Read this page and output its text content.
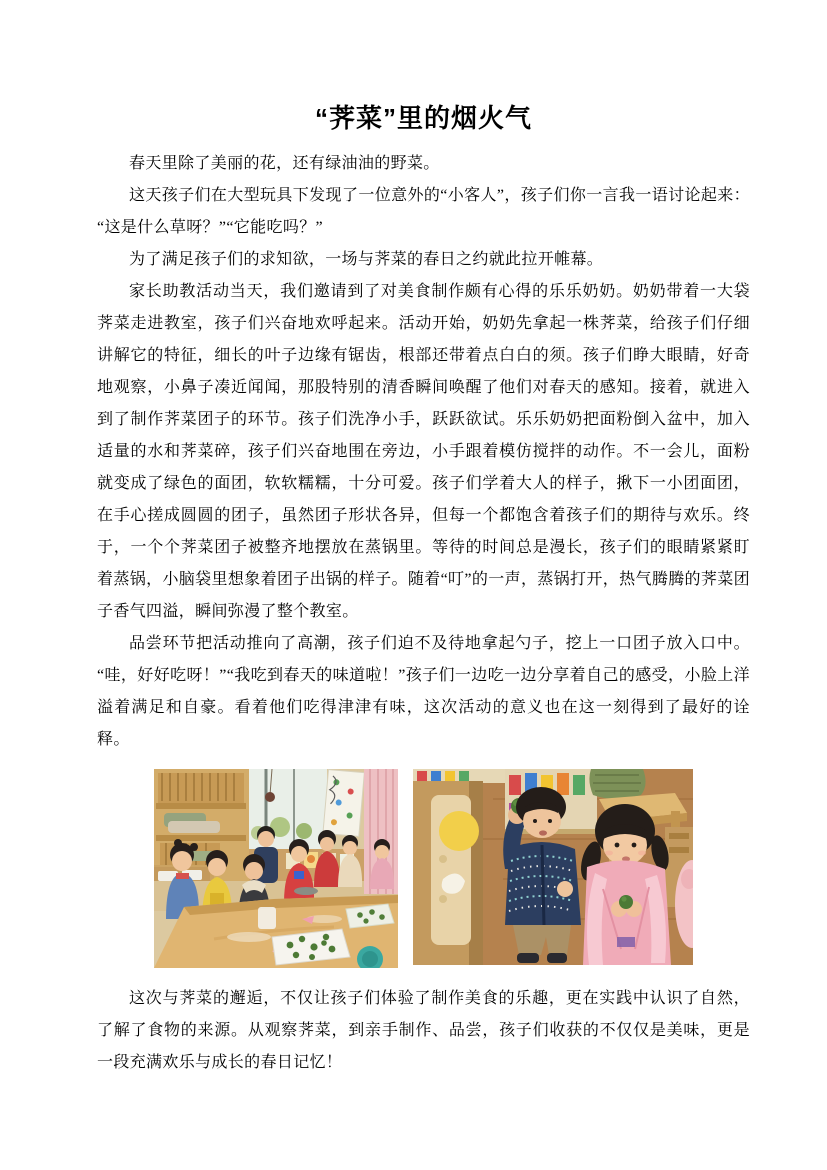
“荠菜”里的烟火气

春天里除了美丽的花，还有绿油油的野菜。

这天孩子们在大型玩具下发现了一位意外的“小客人”，孩子们你一言我一语讨论起来：“这是什么草呀？”“它能吃吗？”

为了满足孩子们的求知欲，一场与荠菜的春日之约就此拉开帷幕。

家长助教活动当天，我们邀请到了对美食制作颇有心得的乐乐奶奶。奶奶带着一大袋荠菜走进教室，孩子们兴奋地欢呼起来。活动开始，奶奶先拿起一株荠菜，给孩子们仔细讲解它的特征，细长的叶子边缘有锯齿，根部还带着点白白的须。孩子们睁大眼睛，好奇地观察，小鼻子凑近闻闻，那股特别的清香瞬间唤醒了他们对春天的感知。接着，就进入到了制作荠菜团子的环节。孩子们洗净小手，跃跃欲试。乐乐奶奶把面粉倒入盆中，加入适量的水和荠菜碎，孩子们兴奋地围在旁边，小手跟着模仿搅拌的动作。不一会儿，面粉就变成了绿色的面团，软软糯糯，十分可爱。孩子们学着大人的样子，揪下一小团面团，在手心搓成圆圆的团子，虽然团子形状各异，但每一个都饱含着孩子们的期待与欢乐。终于，一个个荠菜团子被整齐地摆放在蒸锅里。等待的时间总是漫长，孩子们的眼睛紧紧盯着蒸锅，小脑袋里想象着团子出锅的样子。随着“叮”的一声，蒸锅打开，热气腾腾的荠菜团子香气四溢，瞬间弥漫了整个教室。

品尝环节把活动推向了高潮，孩子们迫不及待地拿起勺子，挖上一口团子放入口中。“哇，好好吃呀！”“我吃到春天的味道啦！”孩子们一边吃一边分享着自己的感受，小脸上洋溢着满足和自豪。看着他们吃得津津有味，这次活动的意义也在这一刻得到了最好的诠释。

这次与荠菜的邂逅，不仅让孩子们体验了制作美食的乐趣，更在实践中认识了自然，了解了食物的来源。从观察荠菜，到亲手制作、品尝，孩子们收获的不仅仅是美味，更是一段充满欢乐与成长的春日记忆！
